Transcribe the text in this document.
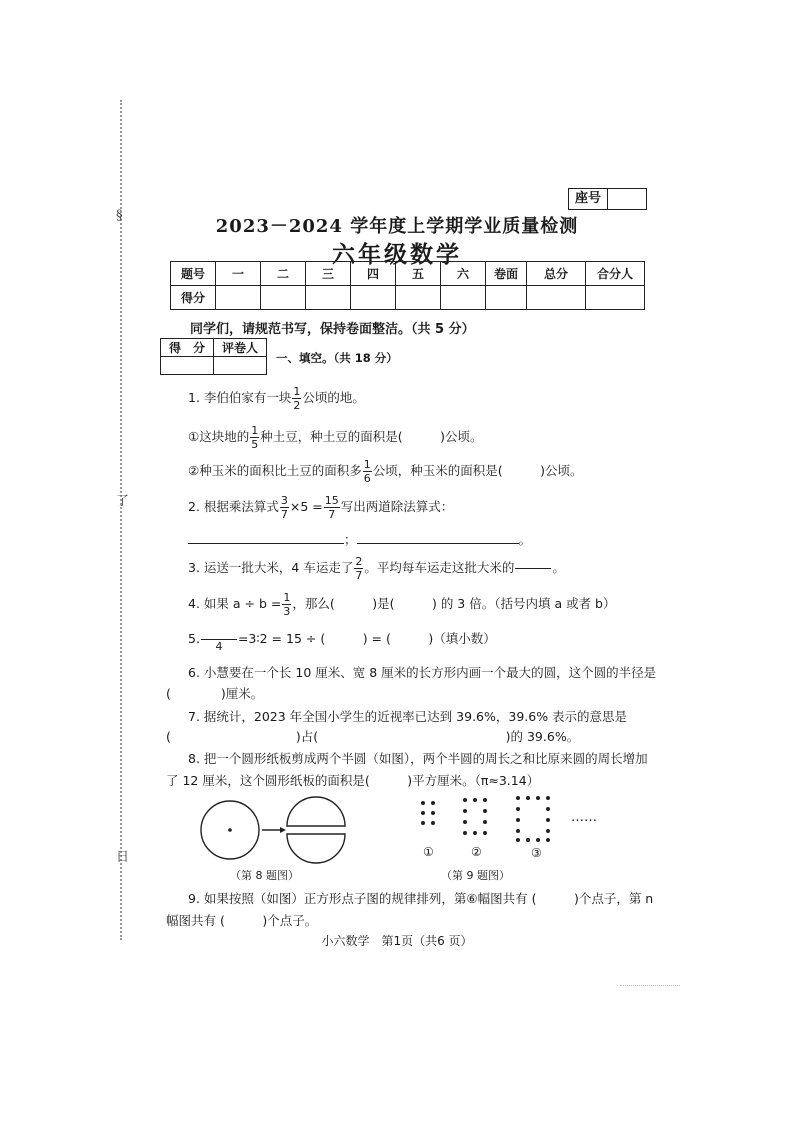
§
了
日
座号
2023－2024 学年度上学期学业质量检测
六年级数学
题号	一	二	三	四	五	六	卷面	总分	合分人
得分									
同学们，请规范书写，保持卷面整洁。（共 5 分）
得　分	评卷人

一、填空。（共 18 分）
1. 李伯伯家有一块 $\frac{1}{2}$ 公顷的地。
①这块地的 $\frac{1}{5}$ 种土豆，种土豆的面积是(　　　)公顷。
②种玉米的面积比土豆的面积多 $\frac{1}{6}$ 公顷，种玉米的面积是(　　　)公顷。
2. 根据乘法算式 $\frac{3}{7} \times 5 = \frac{15}{7}$ 写出两道除法算式：
；	。
3. 运送一批大米，4 车运走了 $\frac{2}{7}$ 。平均每车运走这批大米的	。
4. 如果 $a \div b = \frac{1}{3}$ ，那么(　　　)是(　　　) 的 3 倍。（括号内填 a 或者 b）
5.
4
=3∶2 = 15 ÷ (　　　) = (　　　)（填小数）
6. 小慧要在一个长 10 厘米、宽 8 厘米的长方形内画一个最大的圆，这个圆的半径是
(　　　　)厘米。
7. 据统计，2023 年全国小学生的近视率已达到 39.6%，39.6% 表示的意思是
(　　　　　　　　　　)占(　　　　　　　　　　　　　　　)的 39.6%。
8. 把一个圆形纸板剪成两个半圆（如图），两个半圆的周长之和比原来圆的周长增加
了 12 厘米，这个圆形纸板的面积是(　　　)平方厘米。（π≈3.14）
（第 8 题图）
……
①	②	③
（第 9 题图）
9. 如果按照（如图）正方形点子图的规律排列，第⑥幅图共有 (　　　)个点子，第 n
幅图共有 (　　　)个点子。
小六数学　第1页（共6 页）
